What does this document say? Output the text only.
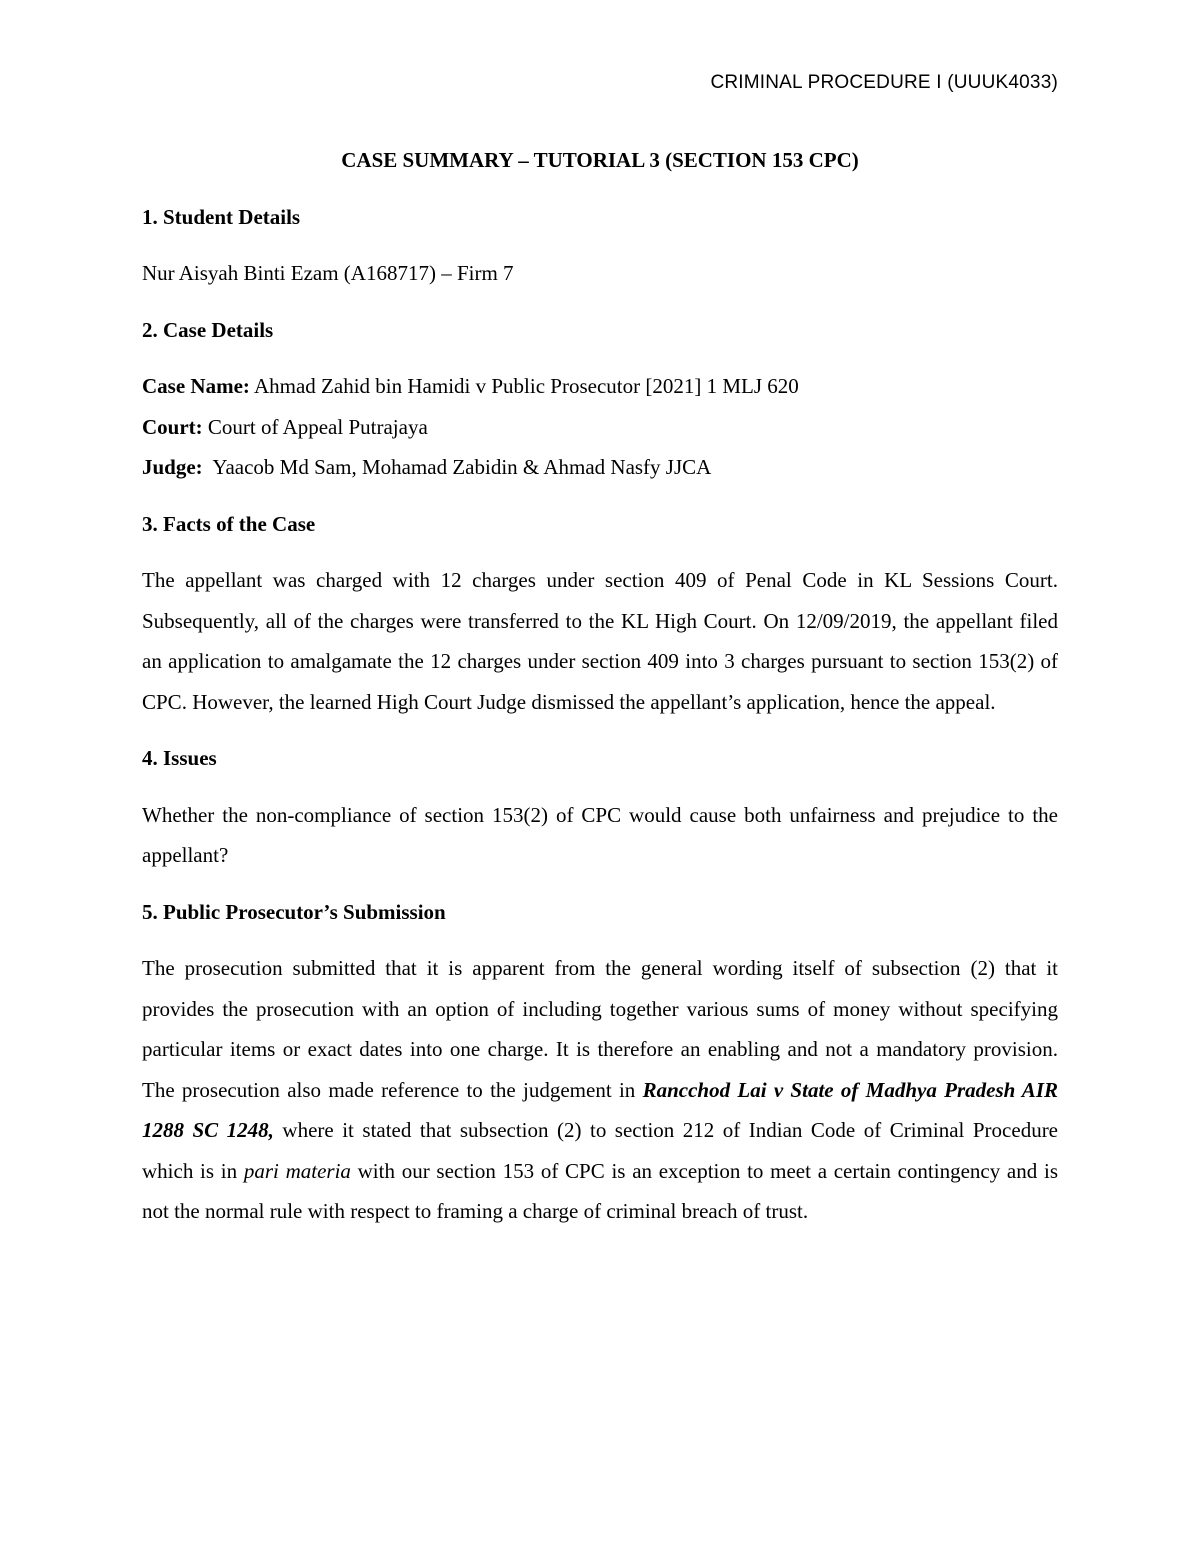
CRIMINAL PROCEDURE I (UUUK4033)
CASE SUMMARY – TUTORIAL 3 (SECTION 153 CPC)
1. Student Details
Nur Aisyah Binti Ezam (A168717) – Firm 7
2. Case Details
Case Name: Ahmad Zahid bin Hamidi v Public Prosecutor [2021] 1 MLJ 620
Court: Court of Appeal Putrajaya
Judge:  Yaacob Md Sam, Mohamad Zabidin & Ahmad Nasfy JJCA
3. Facts of the Case
The appellant was charged with 12 charges under section 409 of Penal Code in KL Sessions Court. Subsequently, all of the charges were transferred to the KL High Court. On 12/09/2019, the appellant filed an application to amalgamate the 12 charges under section 409 into 3 charges pursuant to section 153(2) of CPC. However, the learned High Court Judge dismissed the appellant’s application, hence the appeal.
4. Issues
Whether the non-compliance of section 153(2) of CPC would cause both unfairness and prejudice to the appellant?
5. Public Prosecutor’s Submission
The prosecution submitted that it is apparent from the general wording itself of subsection (2) that it provides the prosecution with an option of including together various sums of money without specifying particular items or exact dates into one charge. It is therefore an enabling and not a mandatory provision. The prosecution also made reference to the judgement in Rancchod Lai v State of Madhya Pradesh AIR 1288 SC 1248, where it stated that subsection (2) to section 212 of Indian Code of Criminal Procedure which is in pari materia with our section 153 of CPC is an exception to meet a certain contingency and is not the normal rule with respect to framing a charge of criminal breach of trust.
